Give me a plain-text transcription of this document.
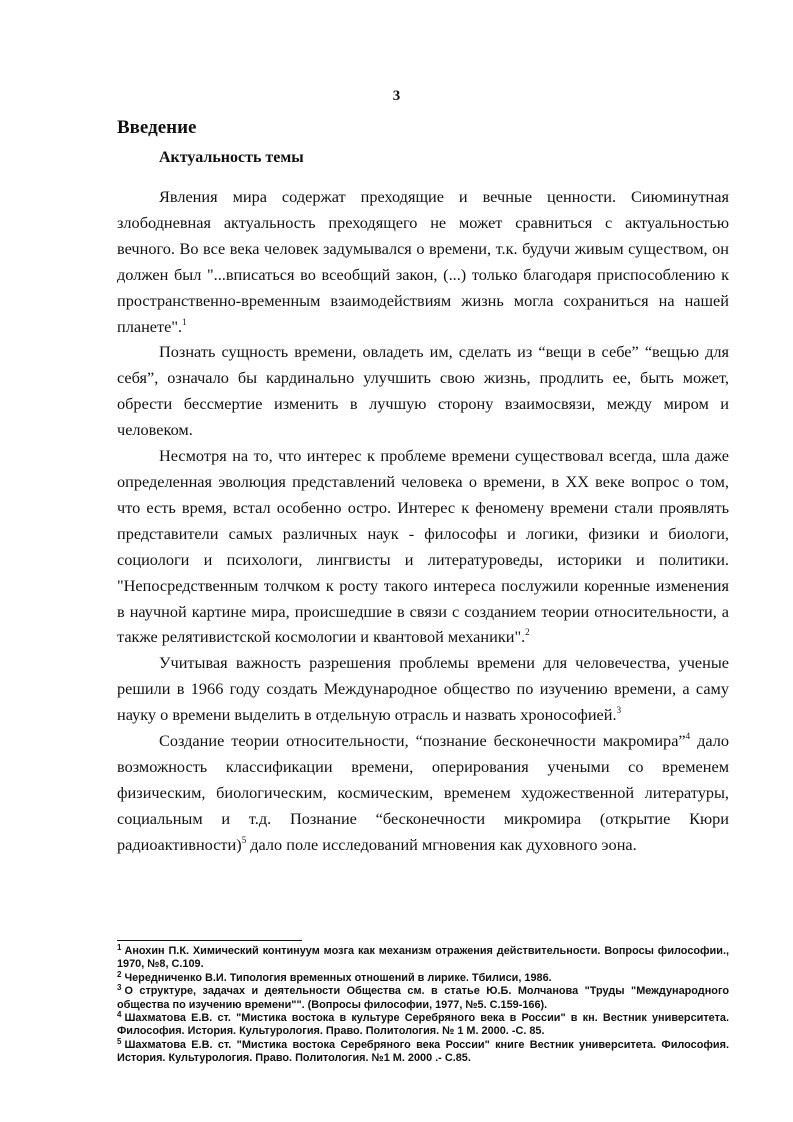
3
Введение
Актуальность темы

Явления мира содержат преходящие и вечные ценности. Сиюминутная злободневная актуальность преходящего не может сравниться с актуальностью вечного. Во все века человек задумывался о времени, т.к. будучи живым существом, он должен был "...вписаться во всеобщий закон, (...) только благодаря приспособлению к пространственно-временным взаимодействиям жизнь могла сохраниться на нашей планете".$^1$

Познать сущность времени, овладеть им, сделать из “вещи в себе” “вещью для себя”, означало бы кардинально улучшить свою жизнь, продлить ее, быть может, обрести бессмертие изменить в лучшую сторону взаимосвязи, между миром и человеком.

Несмотря на то, что интерес к проблеме времени существовал всегда, шла даже определенная эволюция представлений человека о времени, в XX веке вопрос о том, что есть время, встал особенно остро. Интерес к феномену времени стали проявлять представители самых различных наук - философы и логики, физики и биологи, социологи и психологи, лингвисты и литературоведы, историки и политики. "Непосредственным толчком к росту такого интереса послужили коренные изменения в научной картине мира, происшедшие в связи с созданием теории относительности, а также релятивистской космологии и квантовой механики".$^2$

Учитывая важность разрешения проблемы времени для человечества, ученые решили в 1966 году создать Международное общество по изучению времени, а саму науку о времени выделить в отдельную отрасль и назвать хронософией.$^3$

Создание теории относительности, “познание бесконечности макромира”$^4$ дало возможность классификации времени, оперирования учеными со временем физическим, биологическим, космическим, временем художественной литературы, социальным и т.д. Познание “бесконечности микромира (открытие Кюри радиоактивности)$^5$ дало поле исследований мгновения как духовного эона.

$^1$ Анохин П.К. Химический континуум мозга как механизм отражения действительности. Вопросы философии., 1970, №8, С.109.

$^2$ Чередниченко В.И. Типология временных отношений в лирике. Тбилиси, 1986.

$^3$ О структуре, задачах и деятельности Общества см. в статье Ю.Б. Молчанова "Труды "Международного общества по изучению времени"". (Вопросы философии, 1977, №5. С.159-166).

$^4$ Шахматова Е.В. ст. "Мистика востока в культуре Серебряного века в России" в кн. Вестник университета. Философия. История. Культурология. Право. Политология. № 1 М. 2000. -С. 85.

$^5$ Шахматова Е.В. ст. "Мистика востока Серебряного века России" книге Вестник университета. Философия. История. Культурология. Право. Политология. №1 М. 2000 .- С.85.
